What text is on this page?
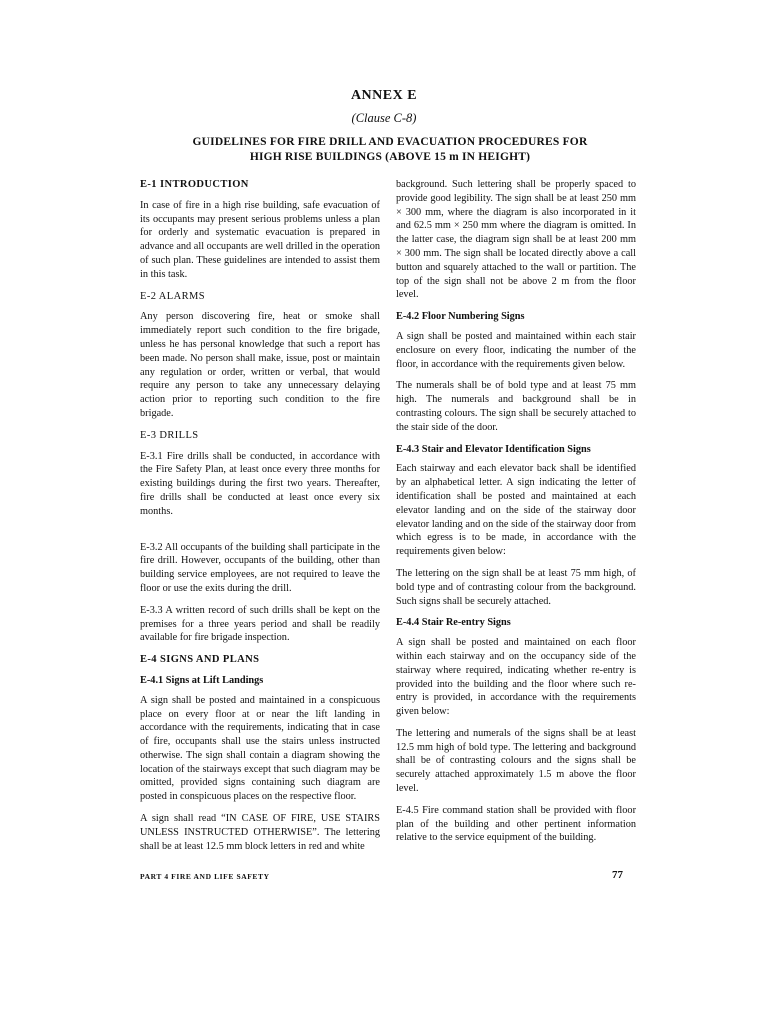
ANNEX E
(Clause C-8)
GUIDELINES FOR FIRE DRILL AND EVACUATION PROCEDURES FOR
HIGH RISE BUILDINGS (ABOVE 15 m IN HEIGHT)
E-1 INTRODUCTION

In case of fire in a high rise building, safe evacuation of its occupants may present serious problems unless a plan for orderly and systematic evacuation is prepared in advance and all occupants are well drilled in the operation of such plan. These guidelines are intended to assist them in this task.

E-2 ALARMS

Any person discovering fire, heat or smoke shall immediately report such condition to the fire brigade, unless he has personal knowledge that such a report has been made. No person shall make, issue, post or maintain any regulation or order, written or verbal, that would require any person to take any unnecessary delaying action prior to reporting such condition to the fire brigade.

E-3 DRILLS

E-3.1 Fire drills shall be conducted, in accordance with the Fire Safety Plan, at least once every three months for existing buildings during the first two years. Thereafter, fire drills shall be conducted at least once every six months.

E-3.2 All occupants of the building shall participate in the fire drill. However, occupants of the building, other than building service employees, are not required to leave the floor or use the exits during the drill.

E-3.3 A written record of such drills shall be kept on the premises for a three years period and shall be readily available for fire brigade inspection.

E-4 SIGNS AND PLANS
E-4.1 Signs at Lift Landings

A sign shall be posted and maintained in a conspicuous place on every floor at or near the lift landing in accordance with the requirements, indicating that in case of fire, occupants shall use the stairs unless instructed otherwise. The sign shall contain a diagram showing the location of the stairways except that such diagram may be omitted, provided signs containing such diagram are posted in conspicuous places on the respective floor.

A sign shall read “IN CASE OF FIRE, USE STAIRS UNLESS INSTRUCTED OTHERWISE”. The lettering shall be at least 12.5 mm block letters in red and white

background. Such lettering shall be properly spaced to provide good legibility. The sign shall be at least 250 mm × 300 mm, where the diagram is also incorporated in it and 62.5 mm × 250 mm where the diagram is omitted. In the latter case, the diagram sign shall be at least 200 mm × 300 mm. The sign shall be located directly above a call button and squarely attached to the wall or partition. The top of the sign shall not be above 2 m from the floor level.

E-4.2 Floor Numbering Signs

A sign shall be posted and maintained within each stair enclosure on every floor, indicating the number of the floor, in accordance with the requirements given below.

The numerals shall be of bold type and at least 75 mm high. The numerals and background shall be in contrasting colours. The sign shall be securely attached to the stair side of the door.

E-4.3 Stair and Elevator Identification Signs

Each stairway and each elevator back shall be identified by an alphabetical letter. A sign indicating the letter of identification shall be posted and maintained at each elevator landing and on the side of the stairway door elevator landing and on the side of the stairway door from which egress is to be made, in accordance with the requirements given below:

The lettering on the sign shall be at least 75 mm high, of bold type and of contrasting colour from the background. Such signs shall be securely attached.

E-4.4 Stair Re-entry Signs

A sign shall be posted and maintained on each floor within each stairway and on the occupancy side of the stairway where required, indicating whether re-entry is provided into the building and the floor where such re-entry is provided, in accordance with the requirements given below:

The lettering and numerals of the signs shall be at least 12.5 mm high of bold type. The lettering and background shall be of contrasting colours and the signs shall be securely attached approximately 1.5 m above the floor level.

E-4.5 Fire command station shall be provided with floor plan of the building and other pertinent information relative to the service equipment of the building.

PART 4 FIRE AND LIFE SAFETY	77
